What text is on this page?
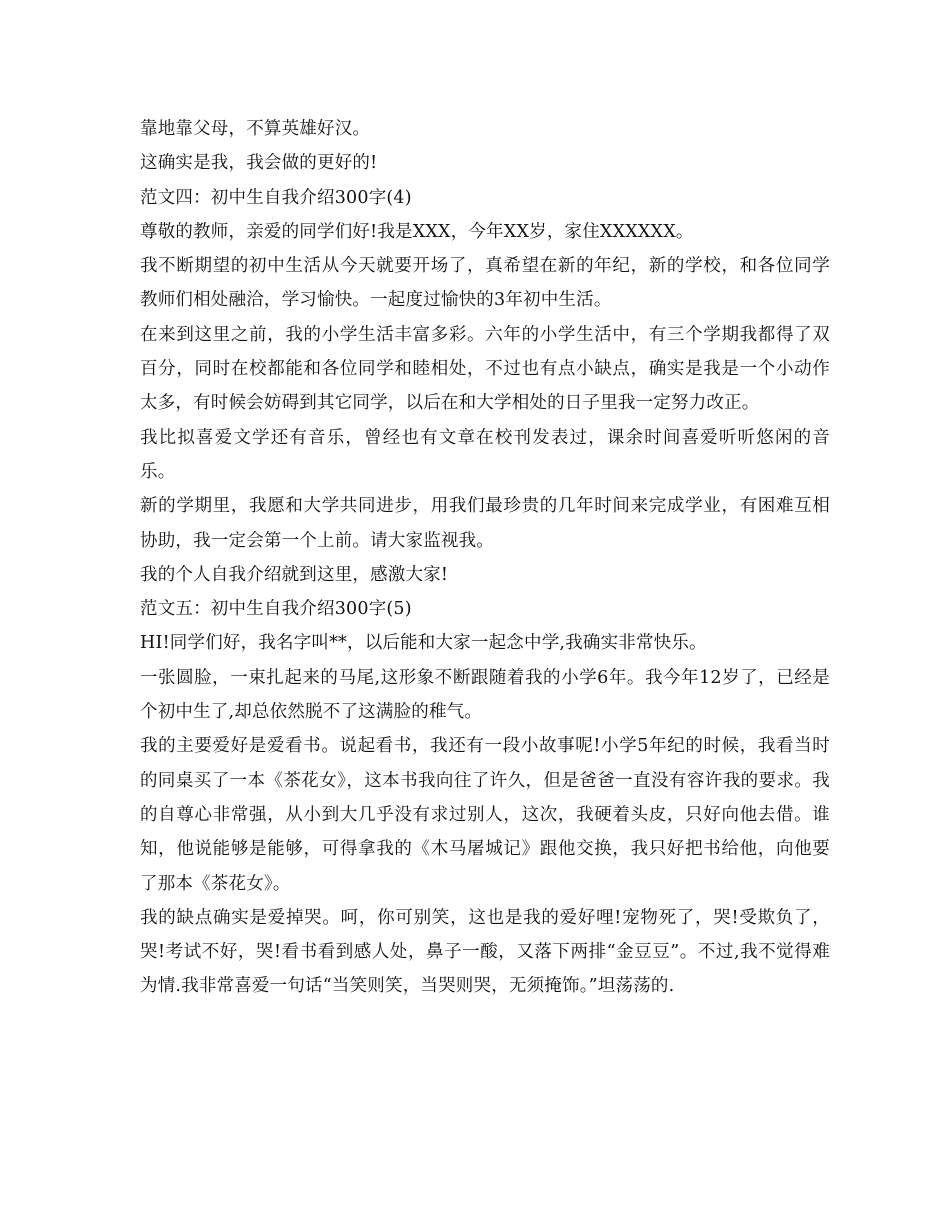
靠地靠父母，不算英雄好汉。

这确实是我，我会做的更好的!

范文四：初中生自我介绍300字(4)

尊敬的教师，亲爱的同学们好!我是XXX，今年XX岁，家住XXXXXX。

我不断期望的初中生活从今天就要开场了，真希望在新的年纪，新的学校，和各位同学教师们相处融洽，学习愉快。一起度过愉快的3年初中生活。

在来到这里之前，我的小学生活丰富多彩。六年的小学生活中，有三个学期我都得了双百分，同时在校都能和各位同学和睦相处，不过也有点小缺点，确实是我是一个小动作太多，有时候会妨碍到其它同学，以后在和大学相处的日子里我一定努力改正。

我比拟喜爱文学还有音乐，曾经也有文章在校刊发表过，课余时间喜爱听听悠闲的音乐。

新的学期里，我愿和大学共同进步，用我们最珍贵的几年时间来完成学业，有困难互相协助，我一定会第一个上前。请大家监视我。

我的个人自我介绍就到这里，感激大家!

范文五：初中生自我介绍300字(5)

HI!同学们好，我名字叫**，以后能和大家一起念中学,我确实非常快乐。

一张圆脸，一束扎起来的马尾,这形象不断跟随着我的小学6年。我今年12岁了，已经是个初中生了,却总依然脱不了这满脸的稚气。

我的主要爱好是爱看书。说起看书，我还有一段小故事呢!小学5年纪的时候，我看当时的同桌买了一本《茶花女》，这本书我向往了许久，但是爸爸一直没有容许我的要求。我的自尊心非常强，从小到大几乎没有求过别人，这次，我硬着头皮，只好向他去借。谁知，他说能够是能够，可得拿我的《木马屠城记》跟他交换，我只好把书给他，向他要了那本《茶花女》。

我的缺点确实是爱掉哭。呵，你可别笑，这也是我的爱好哩!宠物死了，哭!受欺负了，哭!考试不好，哭!看书看到感人处，鼻子一酸，又落下两排“金豆豆”。不过,我不觉得难为情.我非常喜爱一句话“当笑则笑，当哭则哭，无须掩饰。”坦荡荡的.
